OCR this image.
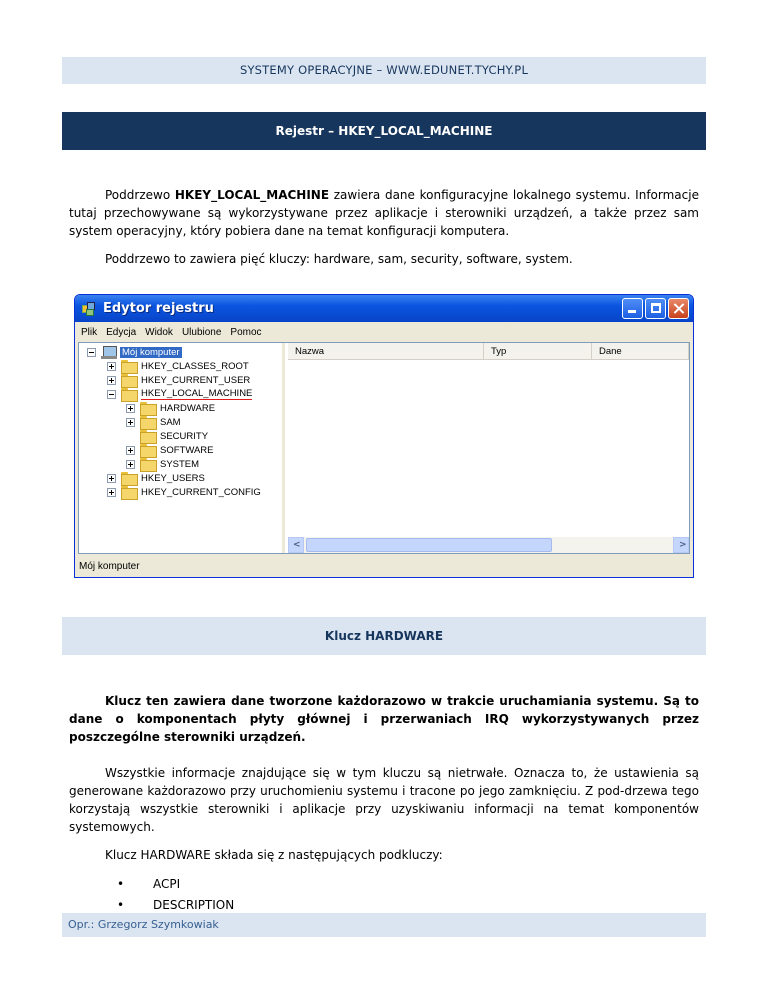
SYSTEMY OPERACYJNE – WWW.EDUNET.TYCHY.PL
Rejestr – HKEY_LOCAL_MACHINE

Poddrzewo HKEY_LOCAL_MACHINE zawiera dane konfiguracyjne lokalnego systemu. Informacje tutaj przechowywane są wykorzystywane przez aplikacje i sterowniki urządzeń, a także przez sam system operacyjny, który pobiera dane na temat konfiguracji komputera.

Poddrzewo to zawiera pięć kluczy: hardware, sam, security, software, system.

Edytor rejestru
Plik Edycja Widok Ulubione Pomoc
Mój komputer
HKEY_CLASSES_ROOT
HKEY_CURRENT_USER
HKEY_LOCAL_MACHINE
HARDWARE
SAM
SECURITY
SOFTWARE
SYSTEM
HKEY_USERS
HKEY_CURRENT_CONFIG
Nazwa	Typ	Dane
<	>
Mój komputer
Klucz HARDWARE

Klucz ten zawiera dane tworzone każdorazowo w trakcie uruchamiania systemu. Są to dane o komponentach płyty głównej i przerwaniach IRQ wykorzystywanych przez poszczególne sterowniki urządzeń.

Wszystkie informacje znajdujące się w tym kluczu są nietrwałe. Oznacza to, że ustawienia są generowane każdorazowo przy uruchomieniu systemu i tracone po jego zamknięciu. Z pod-drzewa tego korzystają wszystkie sterowniki i aplikacje przy uzyskiwaniu informacji na temat komponentów systemowych.

Klucz HARDWARE składa się z następujących podkluczy:

• ACPI
• DESCRIPTION
Opr.: Grzegorz Szymkowiak
